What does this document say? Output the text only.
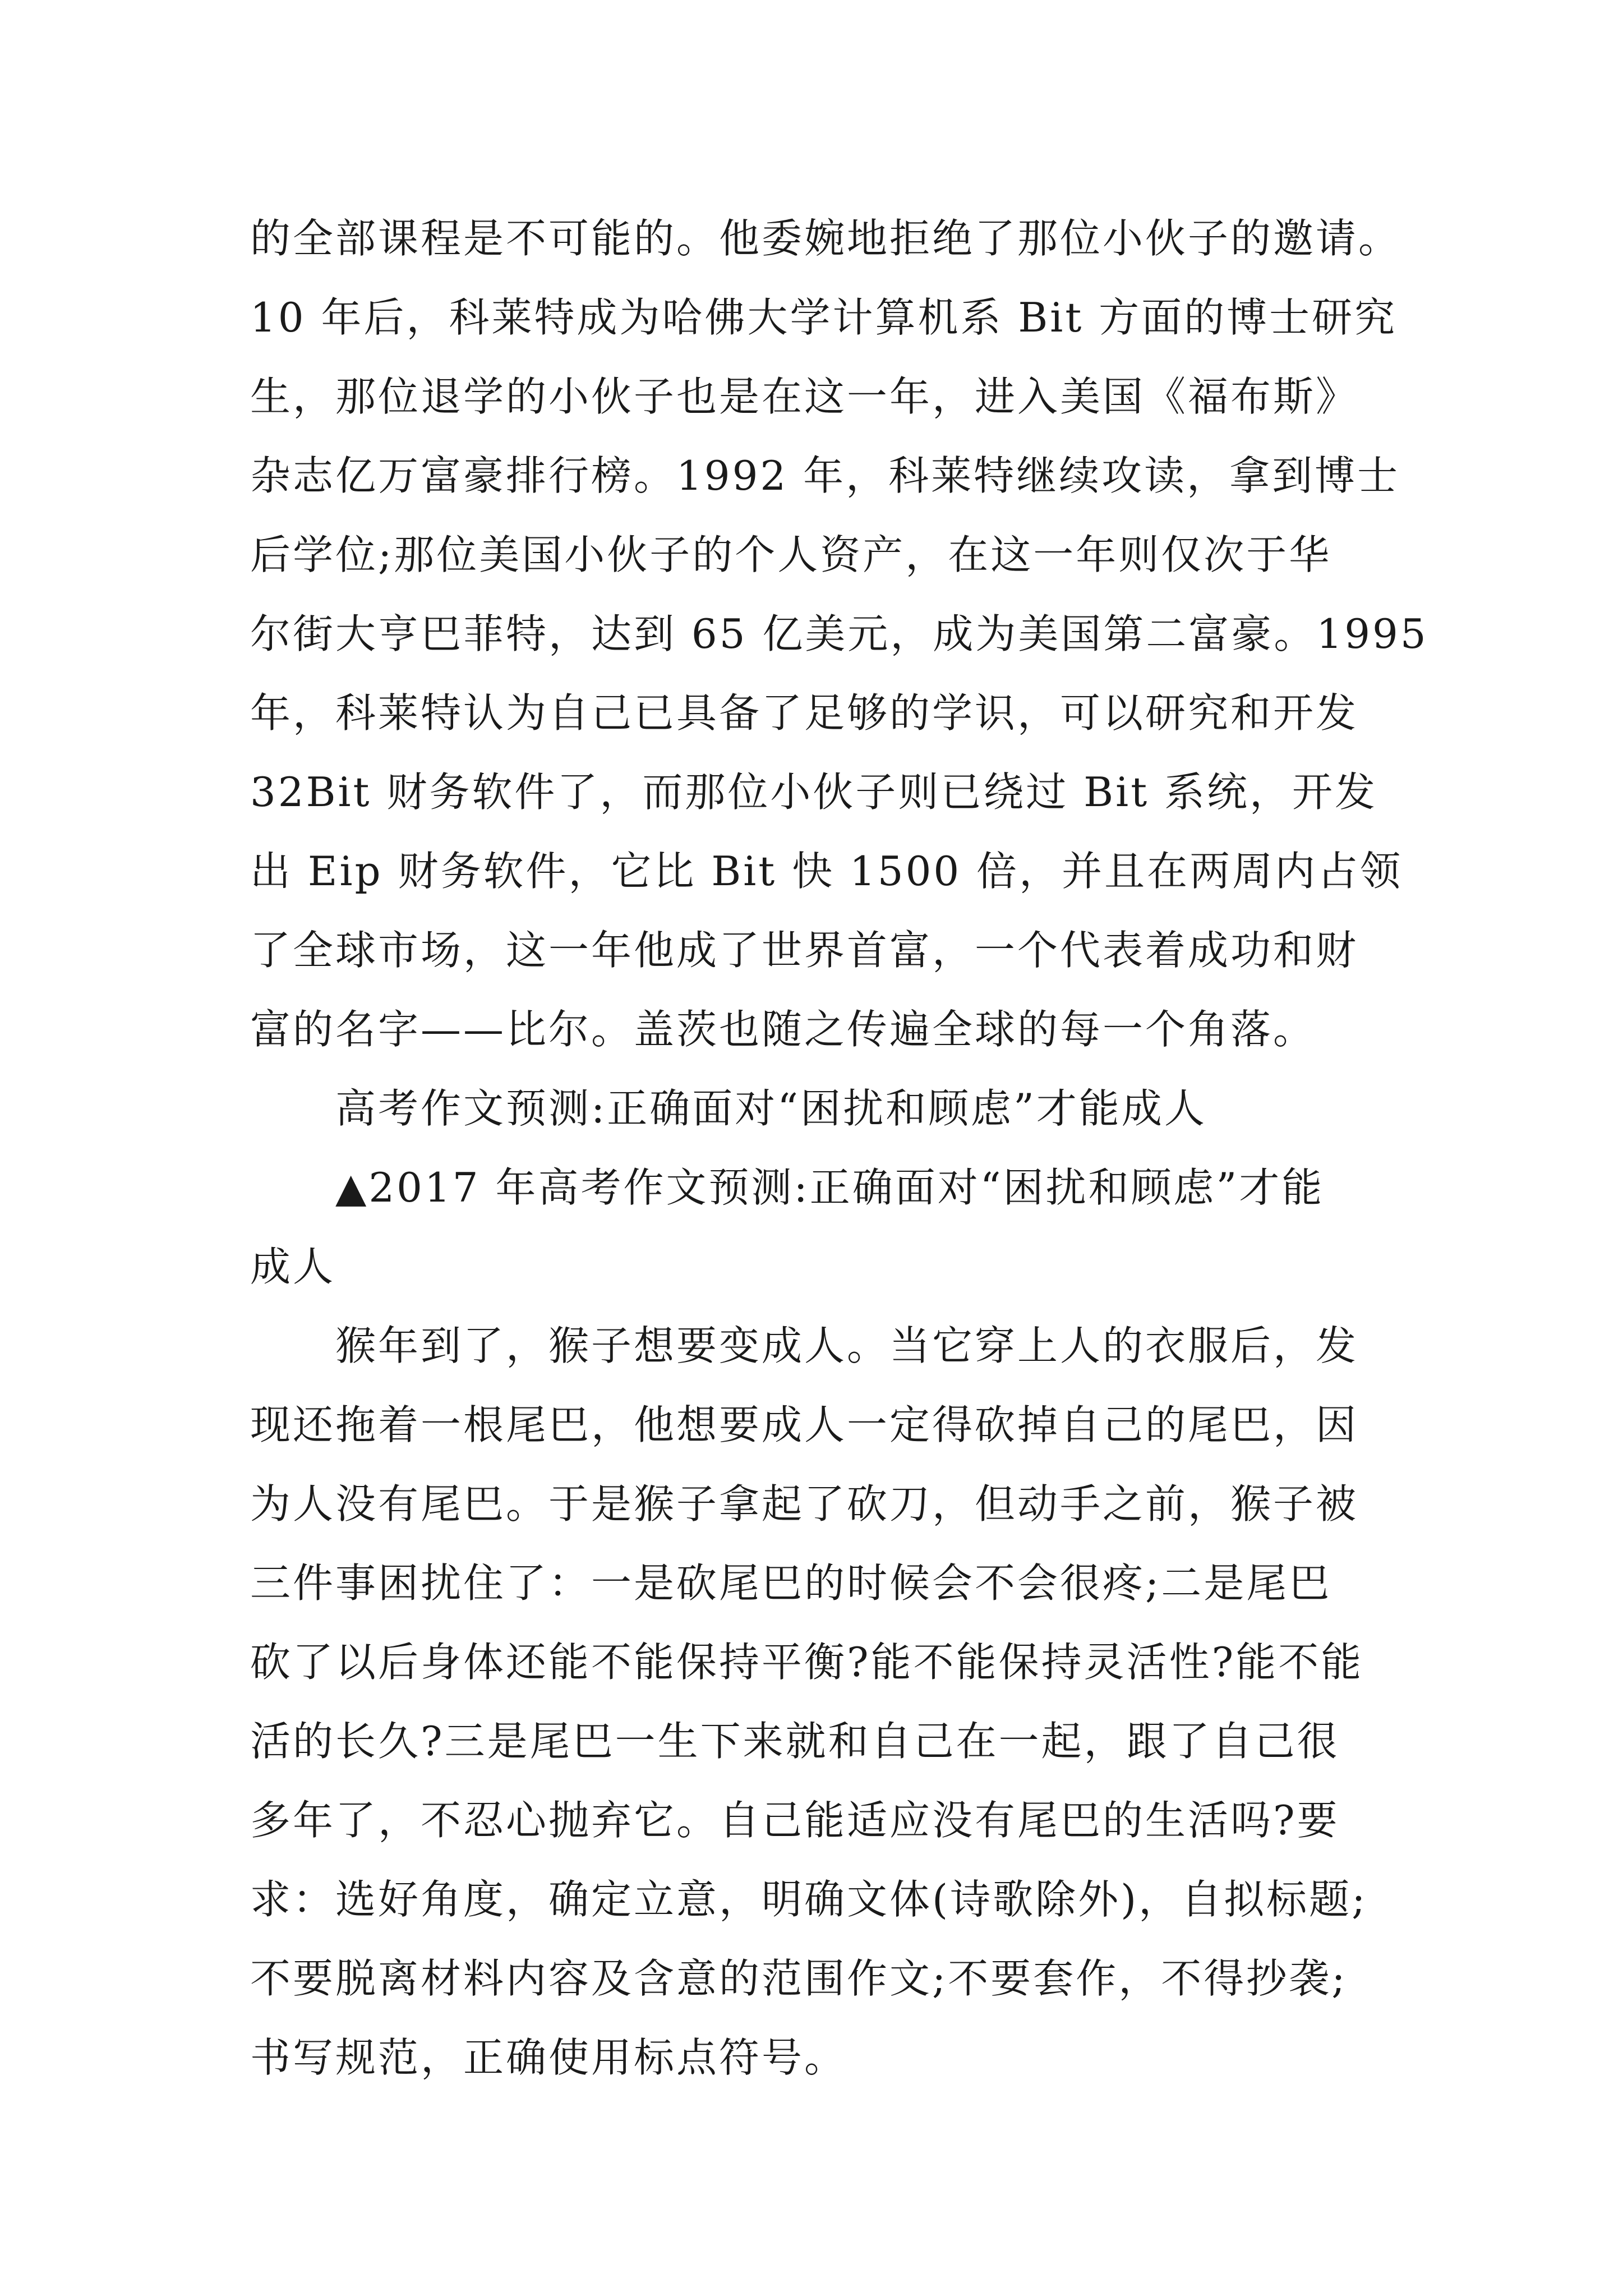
的全部课程是不可能的。他委婉地拒绝了那位小伙子的邀请。
10 年后，科莱特成为哈佛大学计算机系 Bit 方面的博士研究
生，那位退学的小伙子也是在这一年，进入美国《福布斯》
杂志亿万富豪排行榜。1992 年，科莱特继续攻读，拿到博士
后学位;那位美国小伙子的个人资产，在这一年则仅次于华
尔街大亨巴菲特，达到 65 亿美元，成为美国第二富豪。1995
年，科莱特认为自己已具备了足够的学识，可以研究和开发
32Bit 财务软件了，而那位小伙子则已绕过 Bit 系统，开发
出 Eip 财务软件，它比 Bit 快 1500 倍，并且在两周内占领
了全球市场，这一年他成了世界首富，一个代表着成功和财
富的名字——比尔。盖茨也随之传遍全球的每一个角落。
高考作文预测:正确面对“困扰和顾虑”才能成人
▲2017 年高考作文预测:正确面对“困扰和顾虑”才能
成人
猴年到了，猴子想要变成人。当它穿上人的衣服后，发
现还拖着一根尾巴，他想要成人一定得砍掉自己的尾巴，因
为人没有尾巴。于是猴子拿起了砍刀，但动手之前，猴子被
三件事困扰住了：一是砍尾巴的时候会不会很疼;二是尾巴
砍了以后身体还能不能保持平衡?能不能保持灵活性?能不能
活的长久?三是尾巴一生下来就和自己在一起，跟了自己很
多年了，不忍心抛弃它。自己能适应没有尾巴的生活吗?要
求：选好角度，确定立意，明确文体(诗歌除外)，自拟标题;
不要脱离材料内容及含意的范围作文;不要套作，不得抄袭;
书写规范，正确使用标点符号。
